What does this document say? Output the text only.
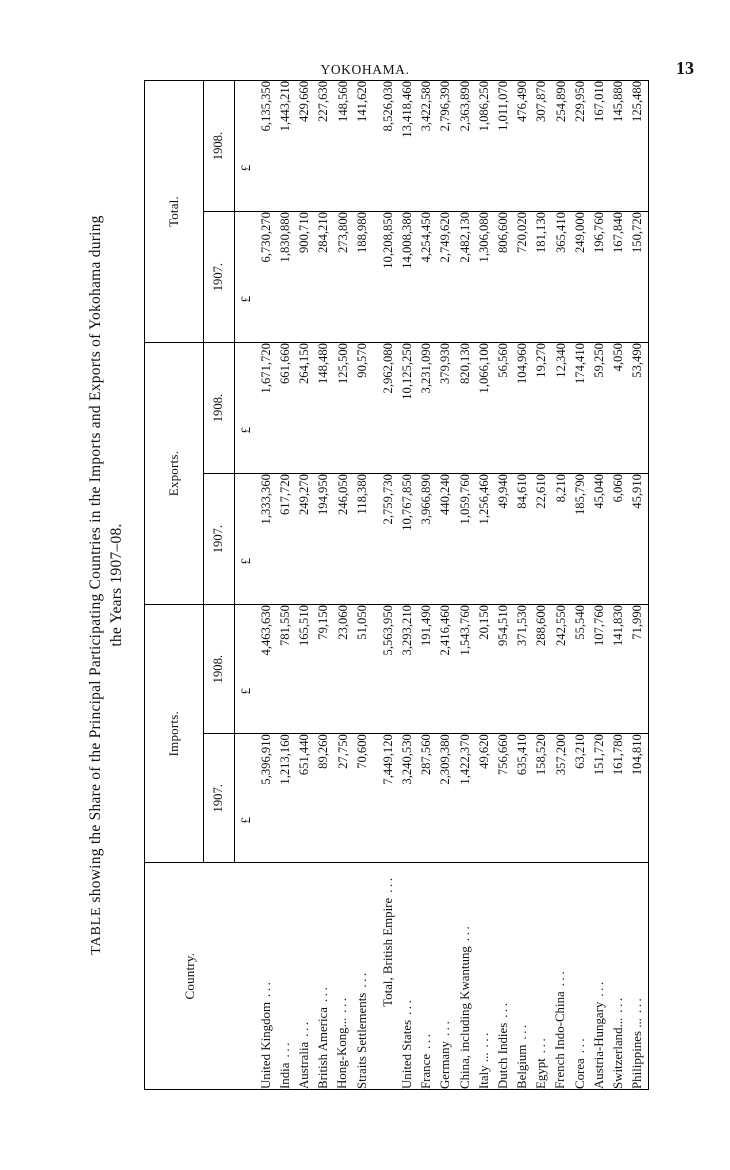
YOKOHAMA.	13
TABLE showing the Share of the Principal Participating Countries in the Imports and Exports of Yokohama during the Years 1907–08.
Country.	Imports.		Exports.		Total.	
	1907.	1908.	1907.	1908.	1907.	1908.
	£	£	£	£	£	£
United Kingdom...	5,396,910	4,463,630	1,333,360	1,671,720	6,730,270	6,135,350
India...	1,213,160	781,550	617,720	661,660	1,830,880	1,443,210
Australia...	651,440	165,510	249,270	264,150	900,710	429,660
British America...	89,260	79,150	194,950	148,480	284,210	227,630
Hong-Kong......	27,750	23,060	246,050	125,500	273,800	148,560
Straits Settlements...	70,600	51,050	118,380	90,570	188,980	141,620

Total, British Empire...	7,449,120	5,563,950	2,759,730	2,962,080	10,208,850	8,526,030
United States...	3,240,530	3,293,210	10,767,850	10,125,250	14,008,380	13,418,460
France...	287,560	191,490	3,966,890	3,231,090	4,254,450	3,422,580
Germany...	2,309,380	2,416,460	440,240	379,930	2,749,620	2,796,390
China, including Kwantung...	1,422,370	1,543,760	1,059,760	820,130	2,482,130	2,363,890
Italy ......	49,620	20,150	1,256,460	1,066,100	1,306,080	1,086,250
Dutch Indies...	756,660	954,510	49,940	56,560	806,600	1,011,070
Belgium...	635,410	371,530	84,610	104,960	720,020	476,490
Egypt...	158,520	288,600	22,610	19,270	181,130	307,870
French Indo-China...	357,200	242,550	8,210	12,340	365,410	254,890
Corea...	63,210	55,540	185,790	174,410	249,000	229,950
Austria-Hungary...	151,720	107,760	45,040	59,250	196,760	167,010
Switzerland......	161,780	141,830	6,060	4,050	167,840	145,880
Philippines ......	104,810	71,990	45,910	53,490	150,720	125,480
